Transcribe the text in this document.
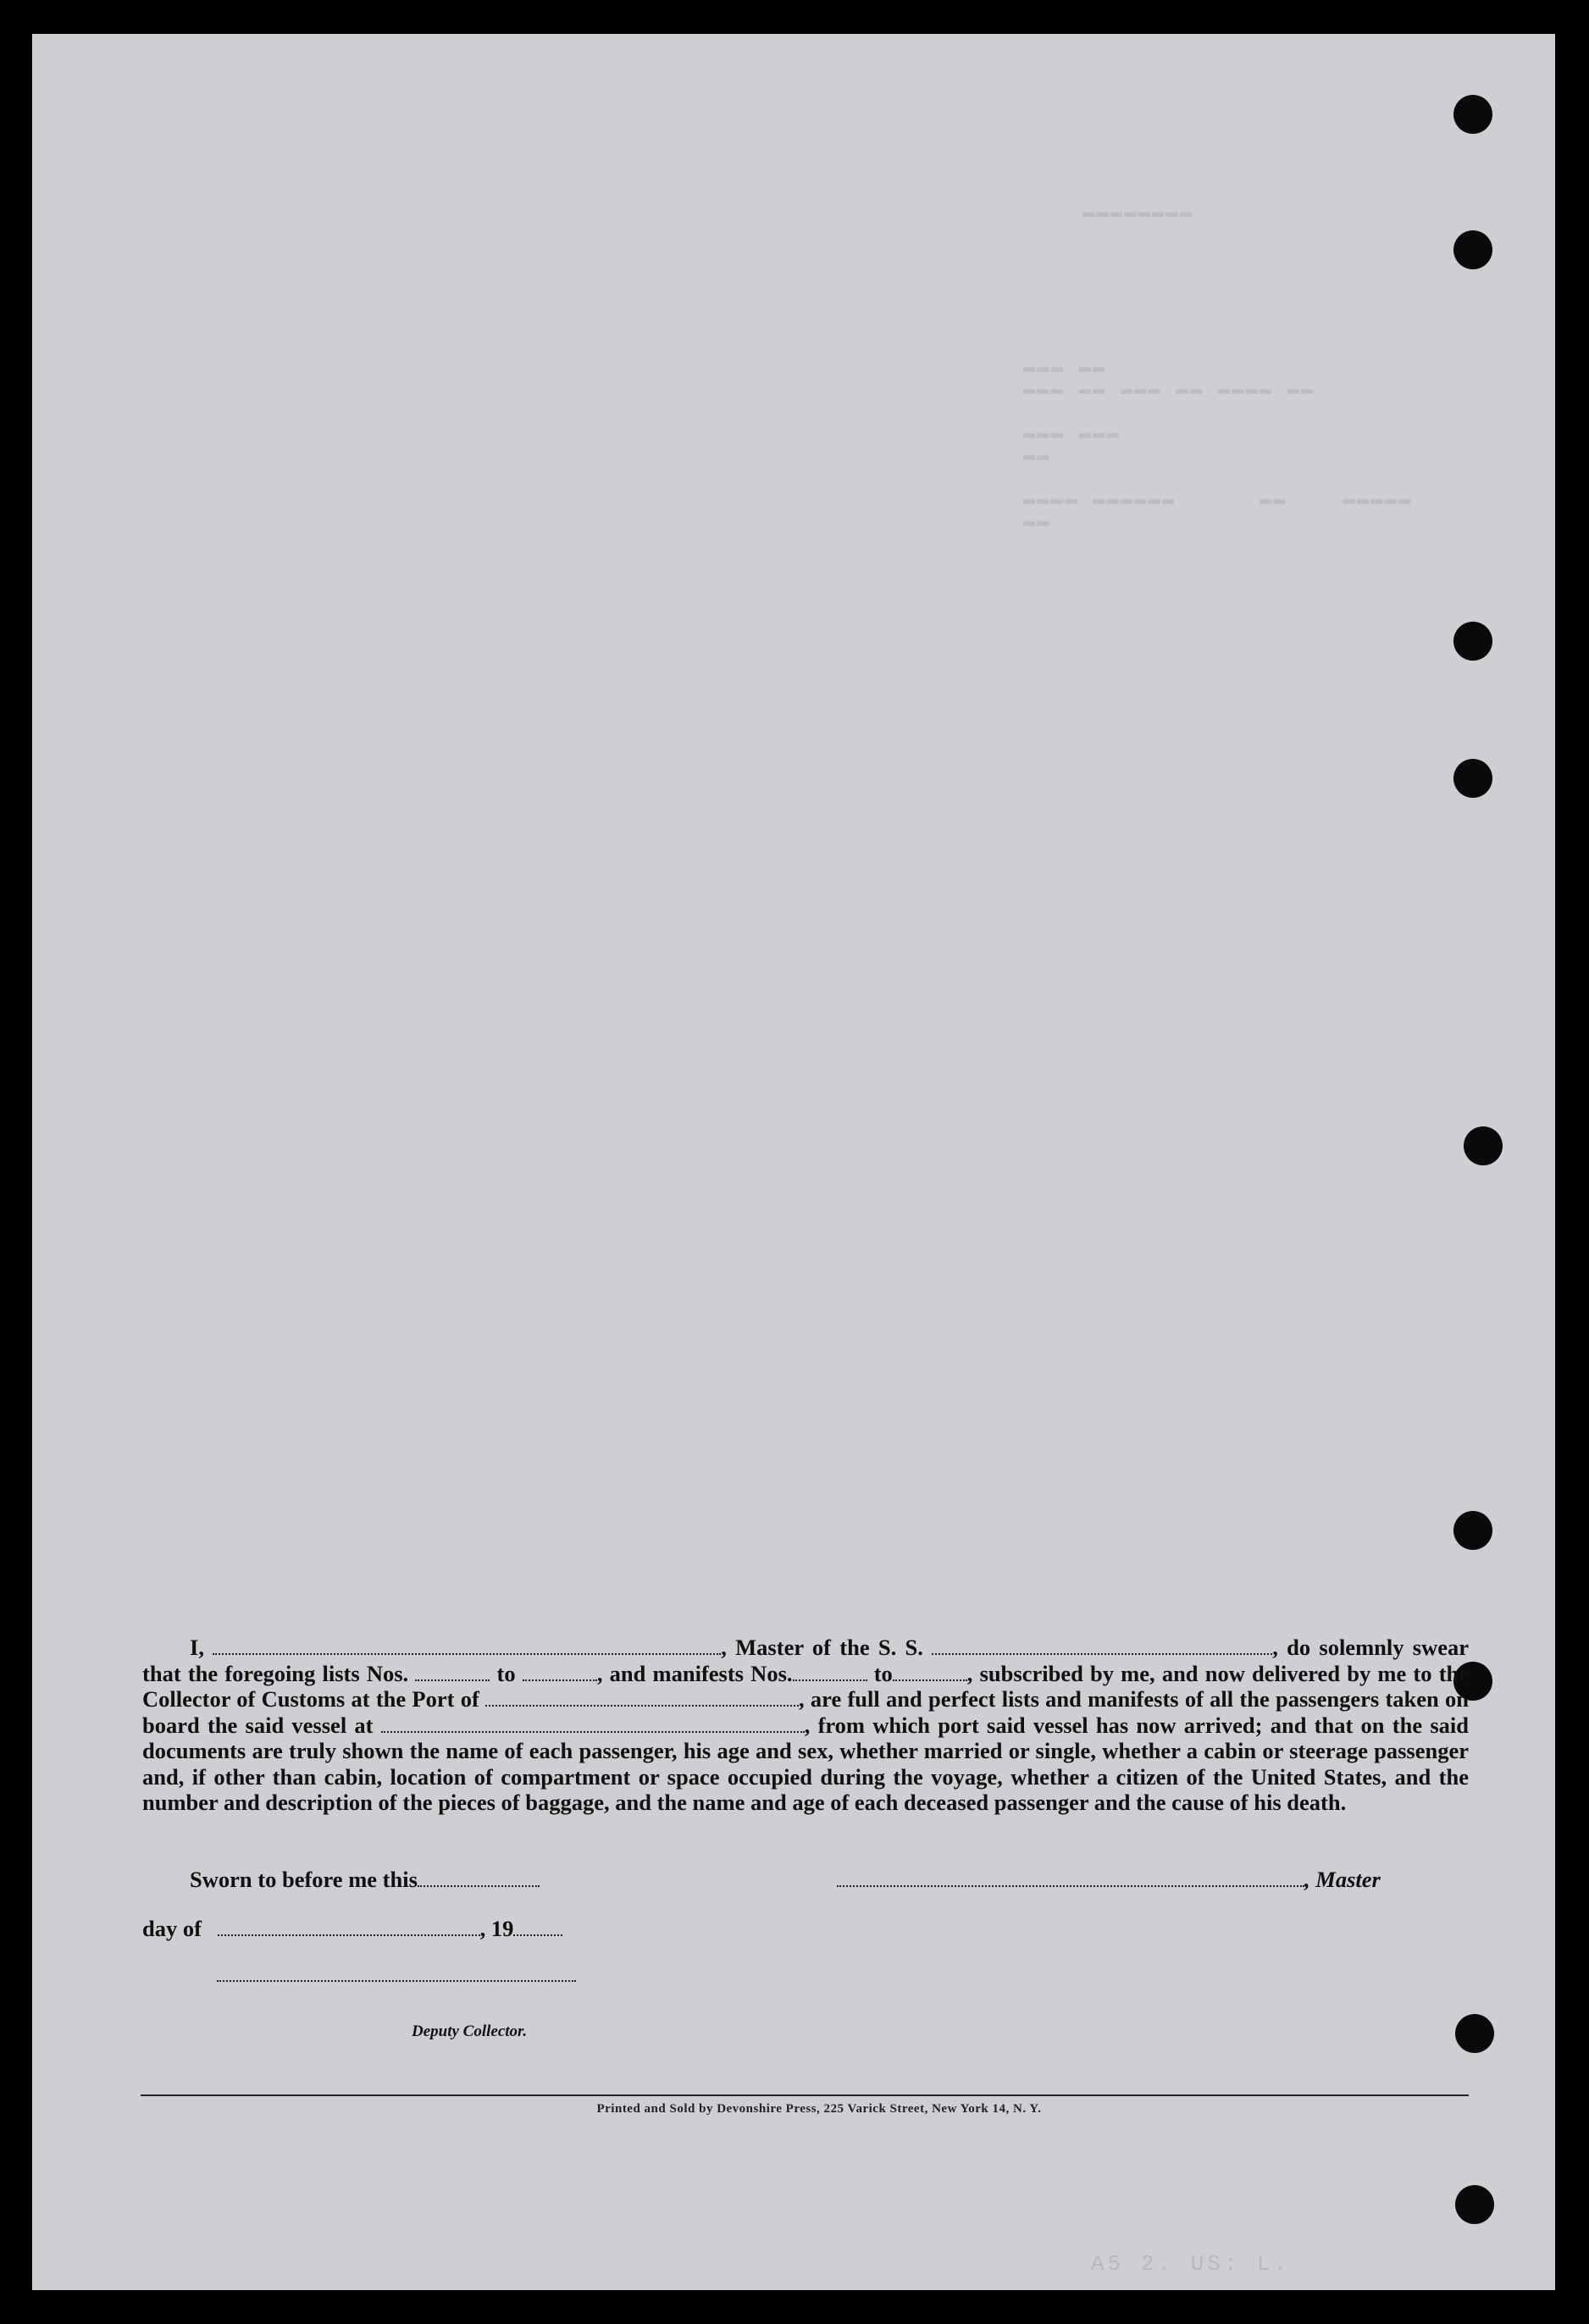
▬▬▬▬▬▬▬▬
▬▬▬ ▬▬
▬▬▬ ▬▬ ▬▬▬ ▬▬ ▬▬▬▬ ▬▬

▬▬▬ ▬▬▬
▬▬

▬▬▬▬ ▬▬▬▬▬▬      ▬▬    ▬▬▬▬▬
▬▬

I,	, Master of the S. S.	, do solemnly swear that the foregoing lists Nos.	to	, and manifests Nos.	to	, subscribed by me, and now delivered by me to the Collector of Customs at the Port of	, are full and perfect lists and manifests of all the passengers taken on board the said vessel at	, from which port said vessel has now arrived; and that on the said documents are truly shown the name of each passenger, his age and sex, whether married or single, whether a cabin or steerage passenger and, if other than cabin, location of compartment or space occupied during the voyage, whether a citizen of the United States, and the number and description of the pieces of baggage, and the name and age of each deceased passenger and the cause of his death.

Sworn to before me this	, Master
day of	, 19
Deputy Collector.
Printed and Sold by Devonshire Press, 225 Varick Street, New York 14, N. Y.
A5 2. US: L.
